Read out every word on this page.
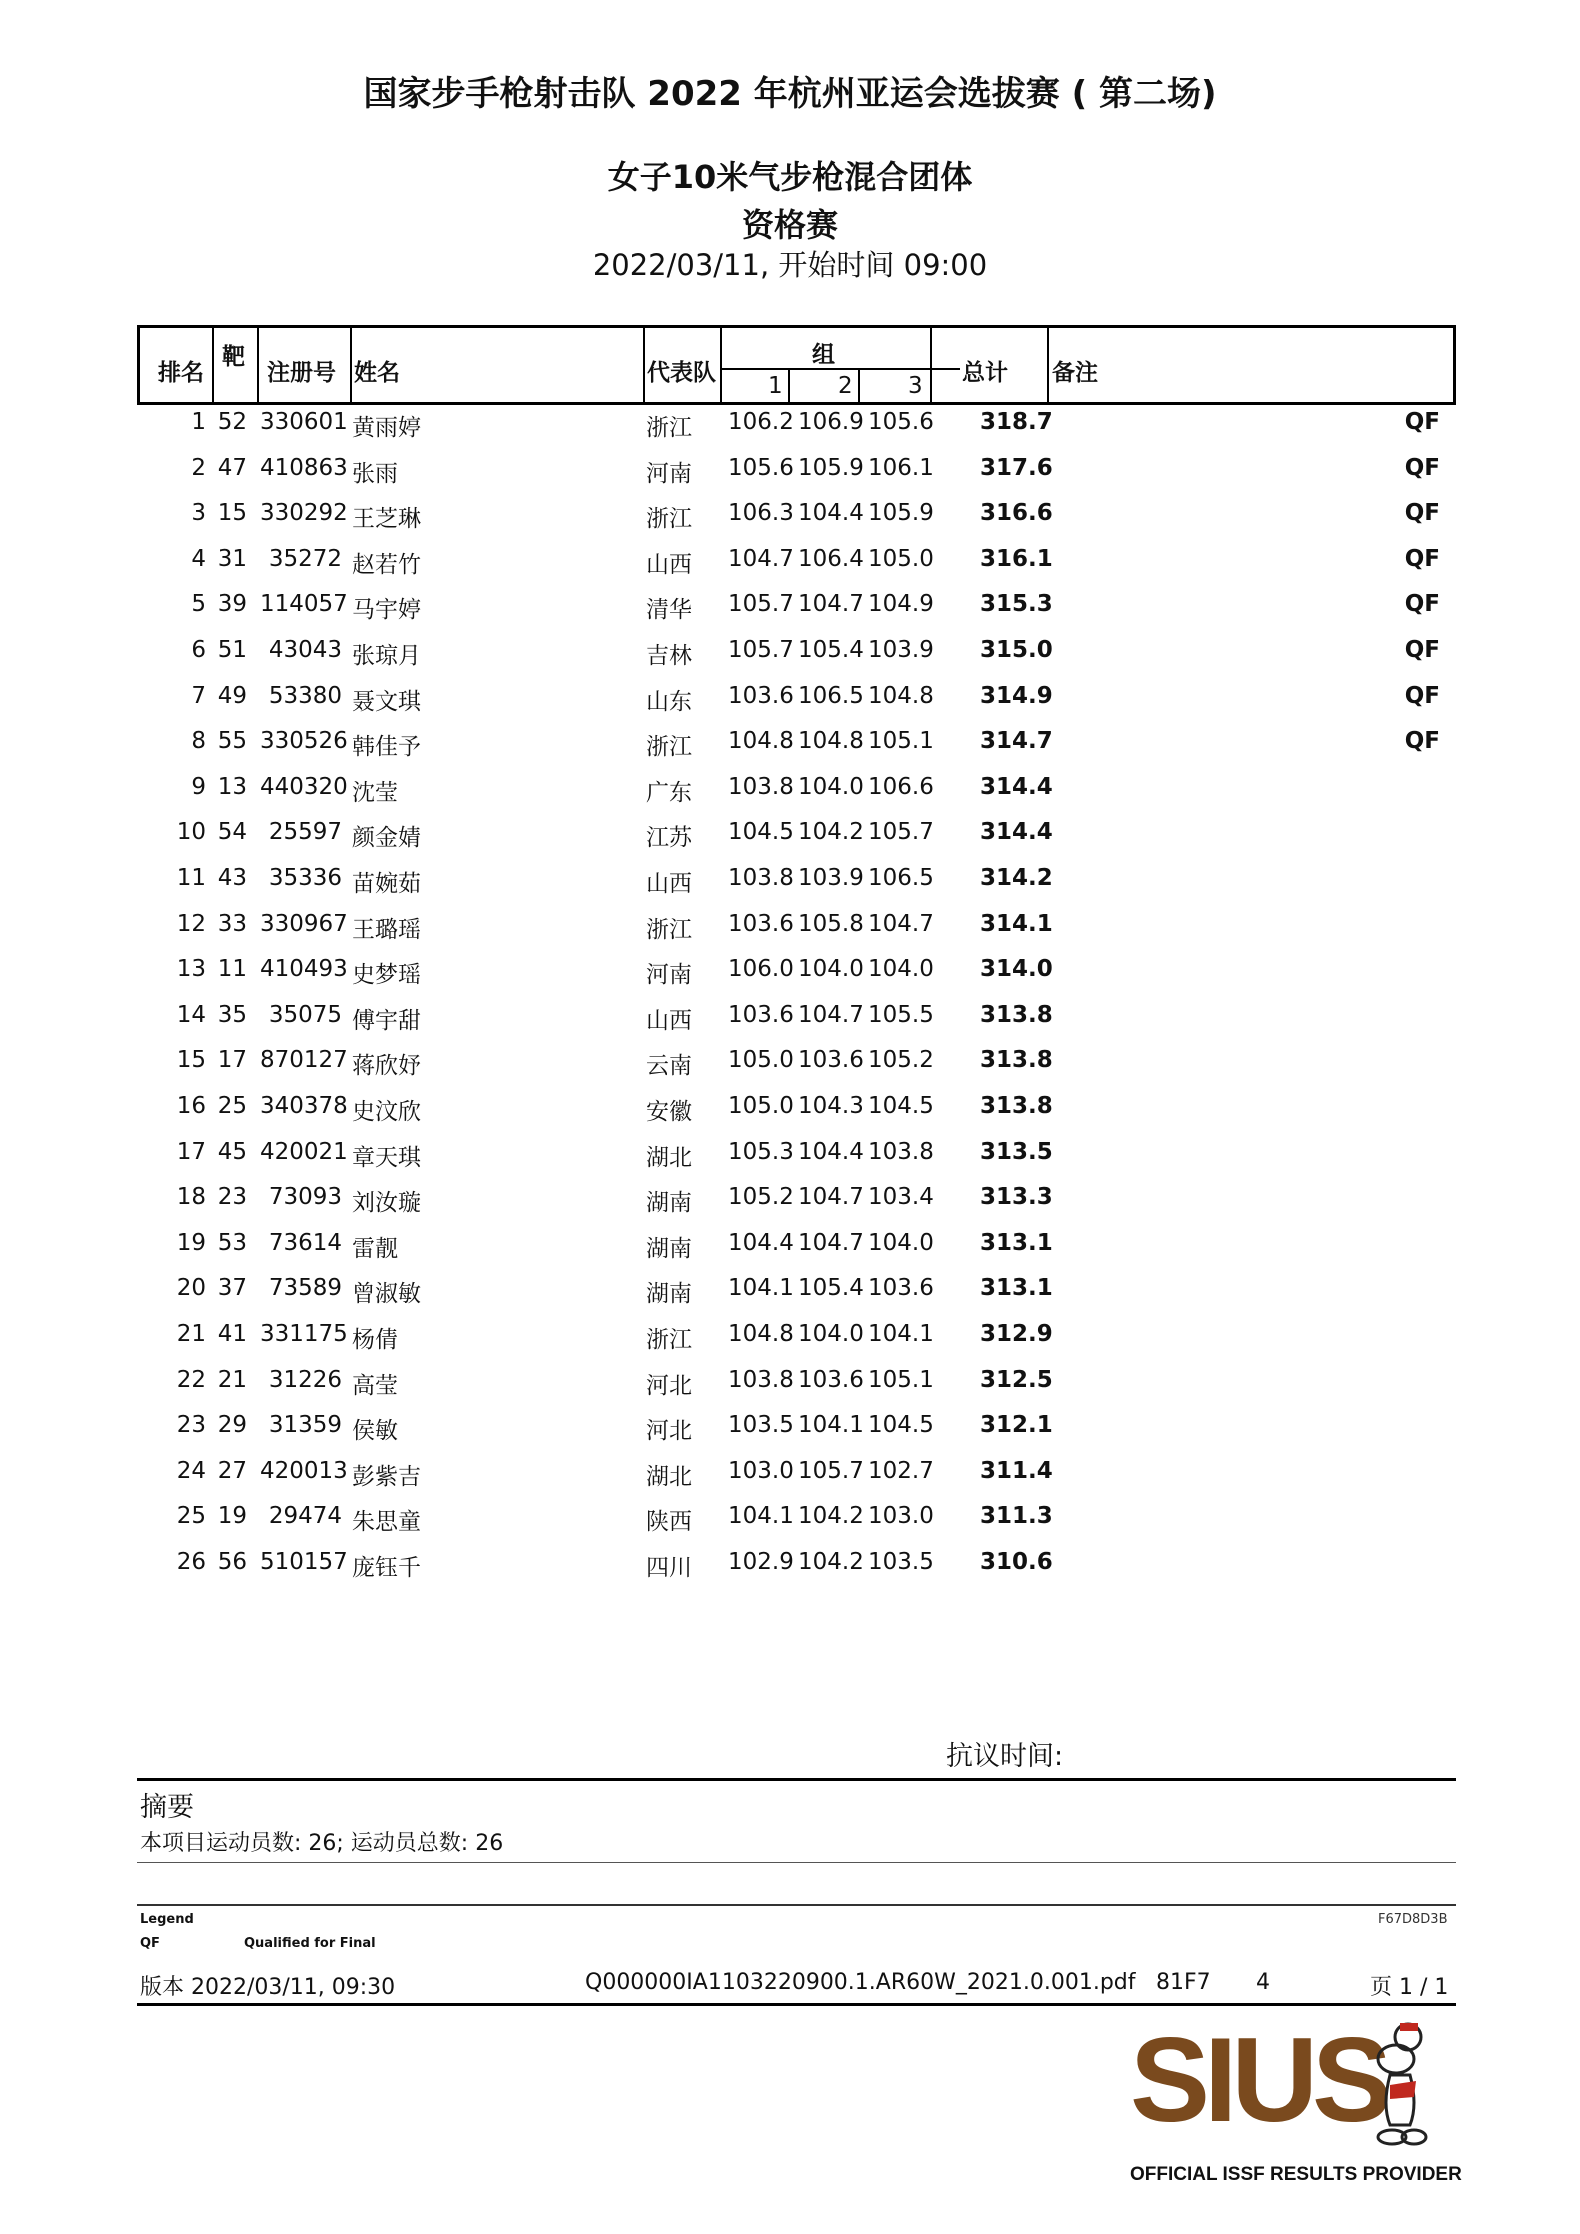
国家步手枪射击队 2022 年杭州亚运会选拔赛 ( 第二场)
女子10米气步枪混合团体
资格赛
2022/03/11, 开始时间 09:00
排名
靶
注册号 姓名	代表队
组
1 2 3 总计 备注
1 52 330601 黄雨婷	浙江 106.2 106.9 105.6 318.7	QF
2 47 410863 张雨	河南 105.6 105.9 106.1 317.6	QF
3 15 330292 王芝琳	浙江 106.3 104.4 105.9 316.6	QF
4 31 35272 赵若竹	山西 104.7 106.4 105.0 316.1	QF
5 39 114057 马宇婷	清华 105.7 104.7 104.9 315.3	QF
6 51 43043 张琼月	吉林 105.7 105.4 103.9 315.0	QF
7 49 53380 聂文琪	山东 103.6 106.5 104.8 314.9	QF
8 55 330526 韩佳予	浙江 104.8 104.8 105.1 314.7	QF
9 13 440320 沈莹	广东 103.8 104.0 106.6 314.4
10 54 25597 颜金婧	江苏 104.5 104.2 105.7 314.4
11 43 35336 苗婉茹	山西 103.8 103.9 106.5 314.2
12 33 330967 王璐瑶	浙江 103.6 105.8 104.7 314.1
13 11 410493 史梦瑶	河南 106.0 104.0 104.0 314.0
14 35 35075 傅宇甜	山西 103.6 104.7 105.5 313.8
15 17 870127 蒋欣妤	云南 105.0 103.6 105.2 313.8
16 25 340378 史汶欣	安徽 105.0 104.3 104.5 313.8
17 45 420021 章天琪	湖北 105.3 104.4 103.8 313.5
18 23 73093 刘汝璇	湖南 105.2 104.7 103.4 313.3
19 53 73614 雷靓	湖南 104.4 104.7 104.0 313.1
20 37 73589 曾淑敏	湖南 104.1 105.4 103.6 313.1
21 41 331175 杨倩	浙江 104.8 104.0 104.1 312.9
22 21 31226 高莹	河北 103.8 103.6 105.1 312.5
23 29 31359 侯敏	河北 103.5 104.1 104.5 312.1
24 27 420013 彭紫吉	湖北 103.0 105.7 102.7 311.4
25 19 29474 朱思童	陕西 104.1 104.2 103.0 311.3
26 56 510157 庞钰千	四川 102.9 104.2 103.5 310.6
抗议时间:
摘要
本项目运动员数: 26; 运动员总数: 26
Legend	F67D8D3B
QF	Qualified for Final
版本 2022/03/11, 09:30	Q000000IA1103220900.1.AR60W_2021.0.001.pdf 81F7 4	页 1 / 1
SIUS
OFFICIAL ISSF RESULTS PROVIDER
